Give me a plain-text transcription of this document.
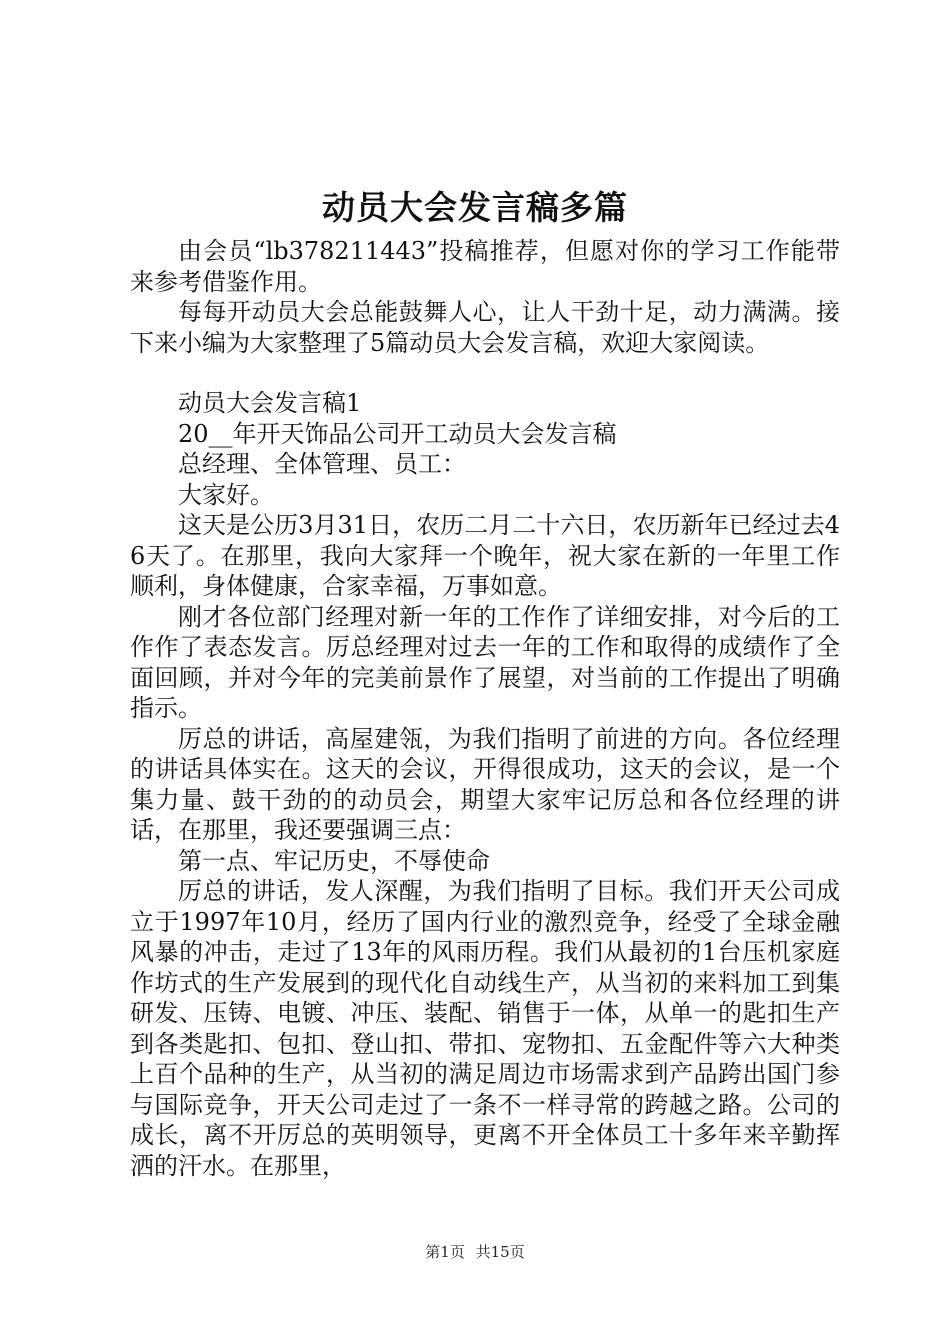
动员大会发言稿多篇

由会员“lb378211443”投稿推荐，但愿对你的学习工作能带来参考借鉴作用。

每每开动员大会总能鼓舞人心，让人干劲十足，动力满满。接下来小编为大家整理了5篇动员大会发言稿，欢迎大家阅读。

动员大会发言稿1

20__年开天饰品公司开工动员大会发言稿

总经理、全体管理、员工：

大家好。

这天是公历3月31日，农历二月二十六日，农历新年已经过去46天了。在那里，我向大家拜一个晚年，祝大家在新的一年里工作顺利，身体健康，合家幸福，万事如意。

刚才各位部门经理对新一年的工作作了详细安排，对今后的工作作了表态发言。厉总经理对过去一年的工作和取得的成绩作了全面回顾，并对今年的完美前景作了展望，对当前的工作提出了明确指示。

厉总的讲话，高屋建瓴，为我们指明了前进的方向。各位经理的讲话具体实在。这天的会议，开得很成功，这天的会议，是一个集力量、鼓干劲的的动员会，期望大家牢记厉总和各位经理的讲话，在那里，我还要强调三点：

第一点、牢记历史，不辱使命

厉总的讲话，发人深醒，为我们指明了目标。我们开天公司成立于1997年10月，经历了国内行业的激烈竞争，经受了全球金融风暴的冲击，走过了13年的风雨历程。我们从最初的1台压机家庭作坊式的生产发展到的现代化自动线生产，从当初的来料加工到集研发、压铸、电镀、冲压、装配、销售于一体，从单一的匙扣生产到各类匙扣、包扣、登山扣、带扣、宠物扣、五金配件等六大种类上百个品种的生产，从当初的满足周边市场需求到产品跨出国门参与国际竞争，开天公司走过了一条不一样寻常的跨越之路。公司的成长，离不开厉总的英明领导，更离不开全体员工十多年来辛勤挥洒的汗水。在那里，

第1页 共15页
